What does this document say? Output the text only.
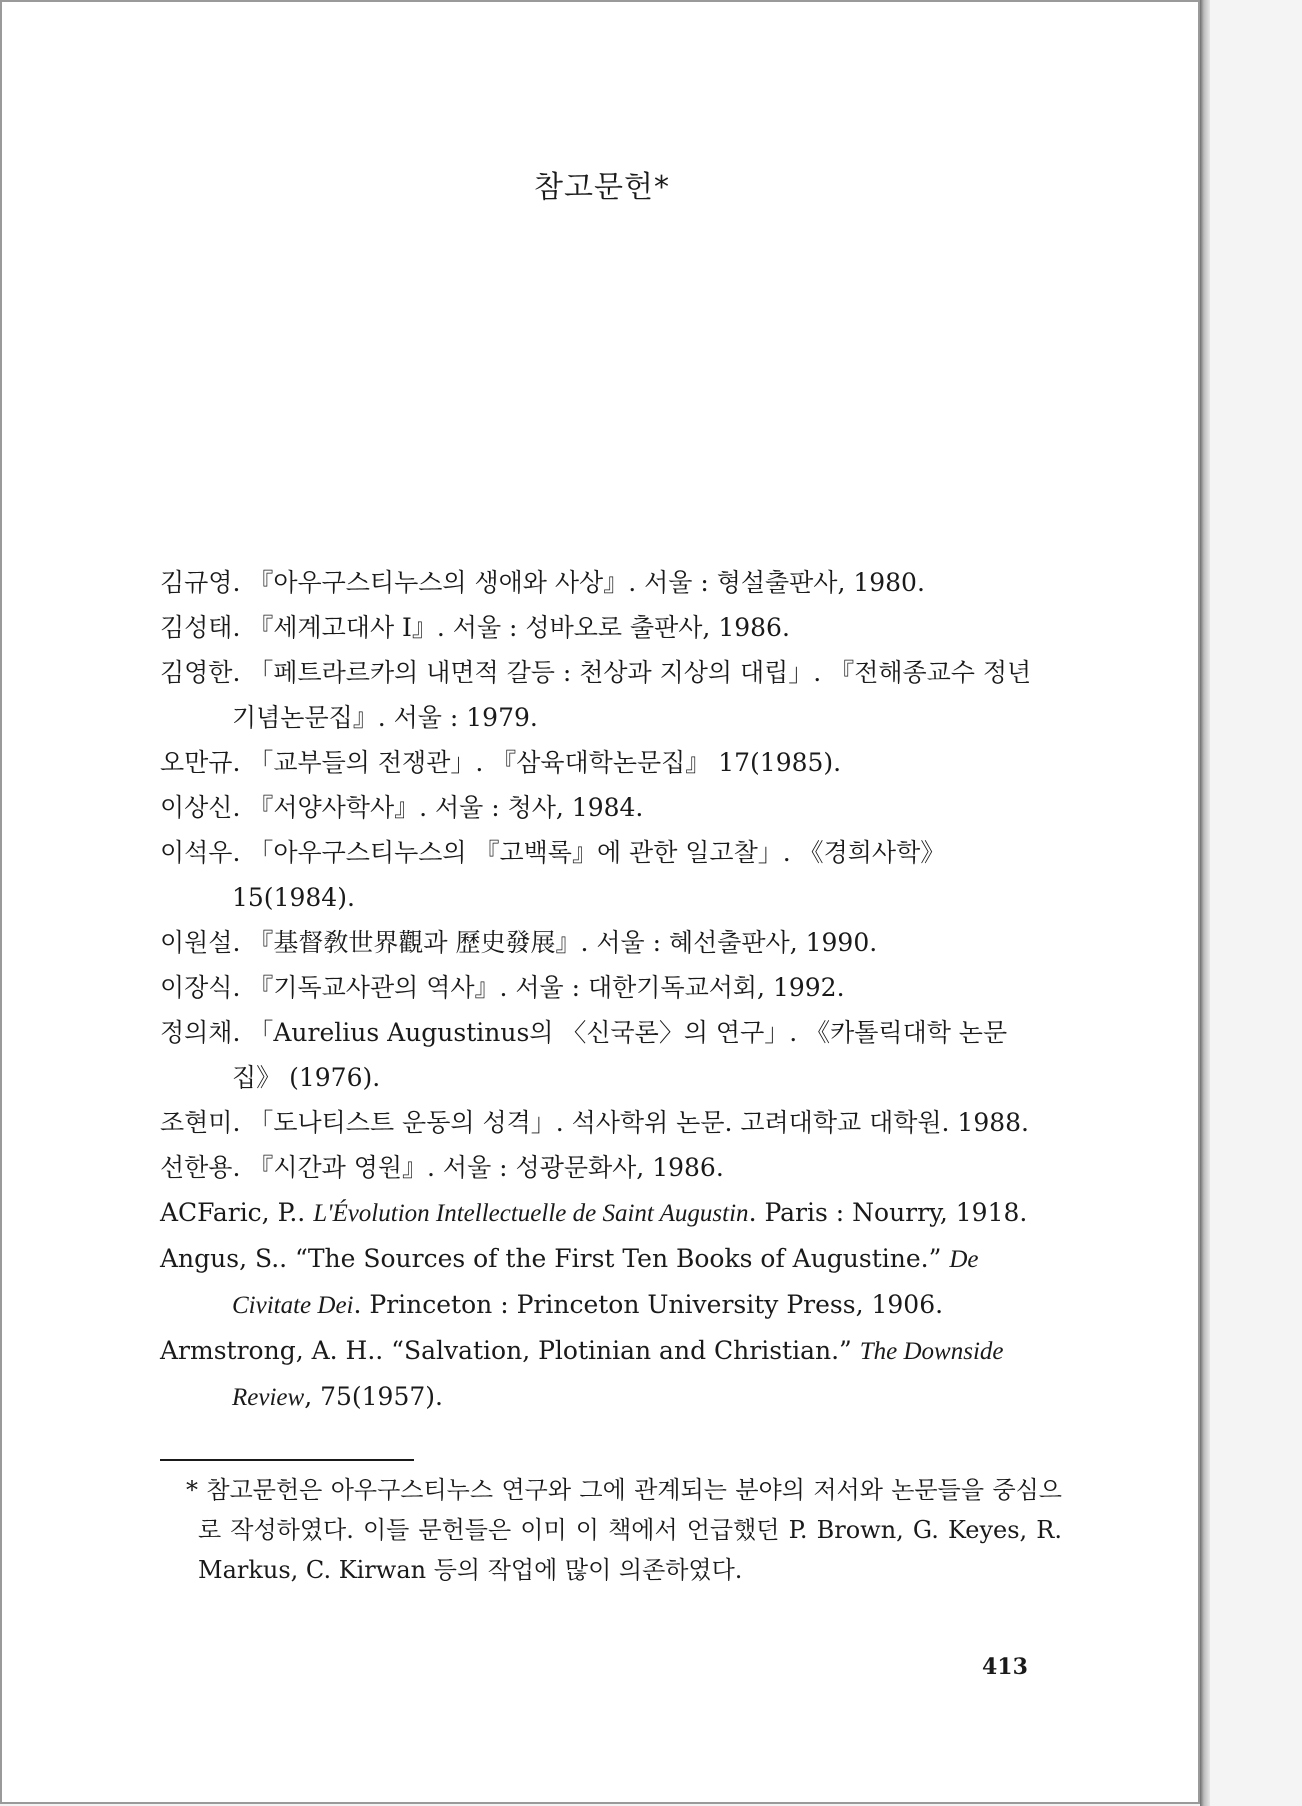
참고문헌*
김규영. 『아우구스티누스의 생애와 사상』. 서울 : 형설출판사, 1980.
김성태. 『세계고대사 Ⅰ』. 서울 : 성바오로 출판사, 1986.
김영한. 「페트라르카의 내면적 갈등 : 천상과 지상의 대립」. 『전해종교수 정년기념논문집』. 서울 : 1979.
오만규. 「교부들의 전쟁관」. 『삼육대학논문집』 17(1985).
이상신. 『서양사학사』. 서울 : 청사, 1984.
이석우. 「아우구스티누스의 『고백록』에 관한 일고찰」. 《경희사학》 15(1984).
이원설. 『基督敎世界觀과 歷史發展』. 서울 : 혜선출판사, 1990.
이장식. 『기독교사관의 역사』. 서울 : 대한기독교서회, 1992.
정의채. 「Aurelius Augustinus의 〈신국론〉의 연구」. 《카톨릭대학 논문집》 (1976).
조현미. 「도나티스트 운동의 성격」. 석사학위 논문. 고려대학교 대학원. 1988.
선한용. 『시간과 영원』. 서울 : 성광문화사, 1986.
ACFaric, P.. L'Évolution Intellectuelle de Saint Augustin. Paris : Nourry, 1918.
Angus, S.. “The Sources of the First Ten Books of Augustine.” De Civitate Dei. Princeton : Princeton University Press, 1906.
Armstrong, A. H.. “Salvation, Plotinian and Christian.” The Downside Review, 75(1957).
* 참고문헌은 아우구스티누스 연구와 그에 관계되는 분야의 저서와 논문들을 중심으로 작성하였다. 이들 문헌들은 이미 이 책에서 언급했던 P. Brown, G. Keyes, R. Markus, C. Kirwan 등의 작업에 많이 의존하였다.
413
